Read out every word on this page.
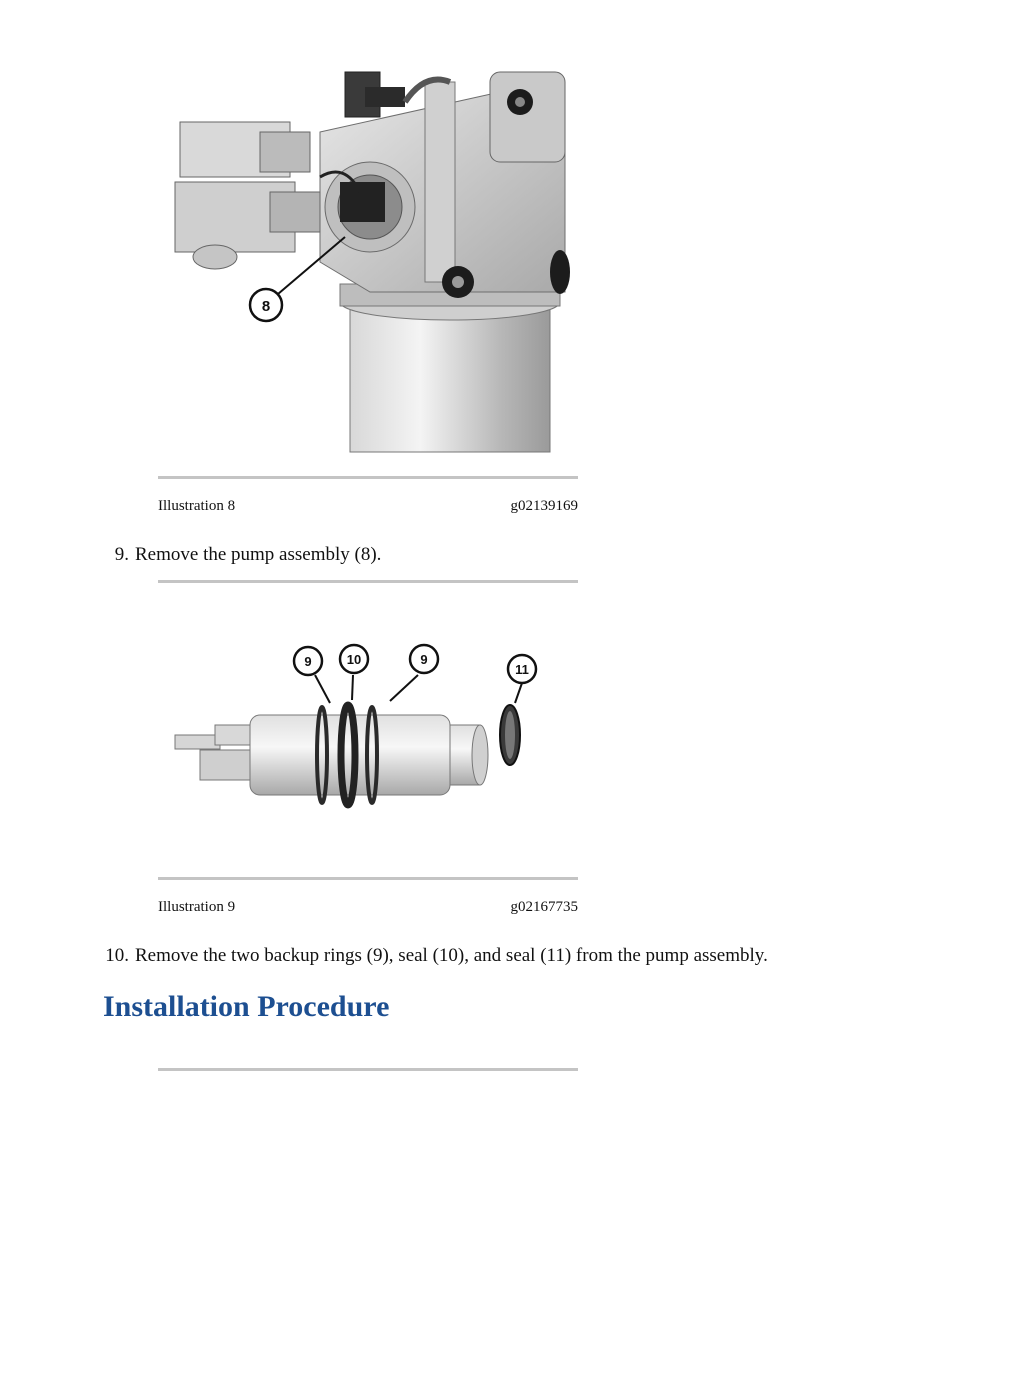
8
Illustration 8	g02139169
9. Remove the pump assembly (8).
9	10	9
11
Illustration 9	g02167735
10. Remove the two backup rings (9), seal (10), and seal (11) from the pump assembly.
Installation Procedure
